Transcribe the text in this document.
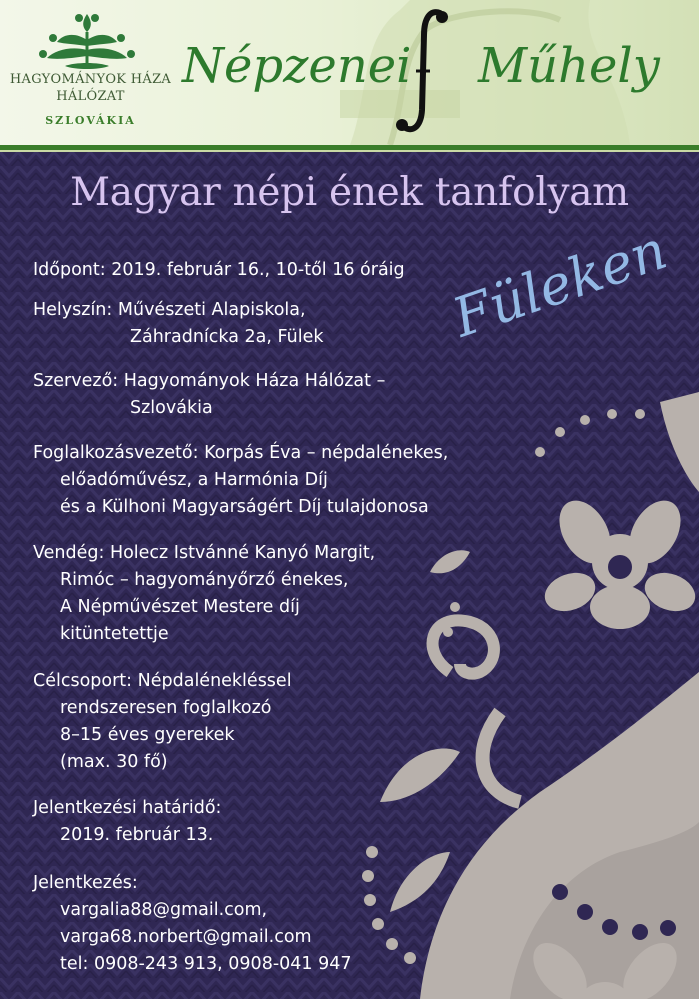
HAGYOMÁNYOK HÁZA
HÁLÓZAT
SZLOVÁKIA
Népzenei Műhely
Magyar népi ének tanfolyam
Füleken
Időpont: 2019. február 16., 10-től 16 óráig
Helyszín: Művészeti Alapiskola,
Záhradnícka 2a, Fülek
Szervező: Hagyományok Háza Hálózat –
Szlovákia
Foglalkozásvezető: Korpás Éva – népdalénekes,
előadóművész, a Harmónia Díj
és a Külhoni Magyarságért Díj tulajdonosa
Vendég: Holecz Istvánné Kanyó Margit,
Rimóc – hagyományőrző énekes,
A Népművészet Mestere díj
kitüntetettje
Célcsoport: Népdalénekléssel
rendszeresen foglalkozó
8–15 éves gyerekek
(max. 30 fő)
Jelentkezési határidő:
2019. február 13.
Jelentkezés:
vargalia88@gmail.com,
varga68.norbert@gmail.com
tel: 0908-243 913, 0908-041 947
